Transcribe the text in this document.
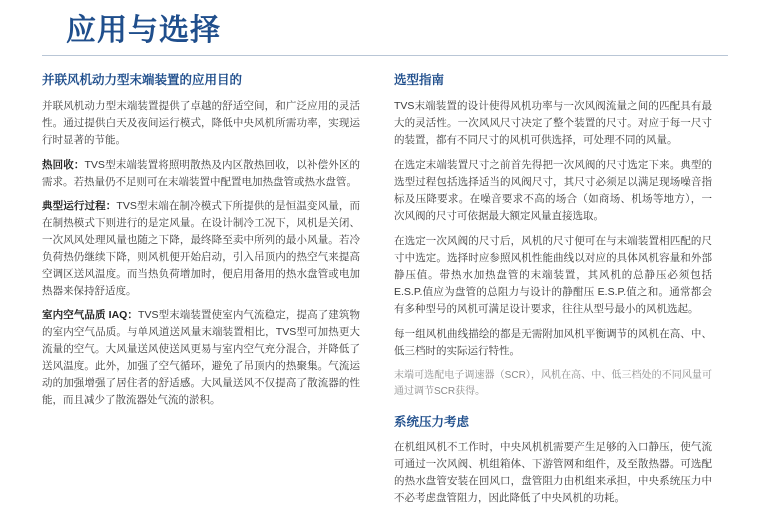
应用与选择
并联风机动力型末端装置的应用目的

并联风机动力型末端装置提供了卓越的舒适空间，和广泛应用的灵活性。通过提供白天及夜间运行模式，降低中央风机所需功率，实现运行时显著的节能。

热回收：TVS型末端装置将照明散热及内区散热回收，以补偿外区的需求。若热量仍不足则可在末端装置中配置电加热盘管或热水盘管。

典型运行过程：TVS型末端在制冷模式下所提供的是恒温变风量，而在制热模式下则进行的是定风量。在设计制冷工况下，风机是关闭、一次风风处理风量也随之下降，最终降至卖中所列的最小风量。若冷负荷热仍继续下降，则风机便开始启动，引入吊顶内的热空气来提高空调区送风温度。而当热负荷增加时，便启用备用的热水盘管或电加热器来保持舒适度。

室内空气品质 IAQ：TVS型末端装置使室内气流稳定，提高了建筑物的室内空气品质。与单风道送风量末端装置相比，TVS型可加热更大流量的空气。大风量送风使送风更易与室内空气充分混合，并降低了送风温度。此外，加强了空气循环，避免了吊顶内的热聚集。气流运动的加强增强了居住者的舒适感。大风量送风不仅提高了散流器的性能，而且减少了散流器处气流的淤积。

选型指南

TVS末端装置的设计使得风机功率与一次风阀流量之间的匹配具有最大的灵活性。一次风风尺寸决定了整个装置的尺寸。对应于每一尺寸的装置，都有不同尺寸的风机可供选择，可处理不同的风量。

在选定末端装置尺寸之前首先得把一次风阀的尺寸选定下来。典型的选型过程包括选择适当的风阀尺寸，其尺寸必须足以满足现场噪音指标及压降要求。在噪音要求不高的场合（如商场、机场等地方），一次风阀的尺寸可依据最大额定风量直接选取。

在选定一次风阀的尺寸后，风机的尺寸便可在与末端装置相匹配的尺寸中选定。选择时应参照风机性能曲线以对应的具体风机容量和外部静压值。带热水加热盘管的末端装置，其风机的总静压必须包括 E.S.P.值应为盘管的总阻力与设计的静酣压 E.S.P.值之和。通常都会有多种型号的风机可满足设计要求，往往从型号最小的风机选起。

每一组风机曲线描绘的都是无需附加风机平衡调节的风机在高、中、低三档时的实际运行特性。

末端可选配电子调速器（SCR），风机在高、中、低三档处的不同风量可通过调节SCR获得。

系统压力考虑

在机组风机不工作时，中央风机机需要产生足够的入口静压，使气流可通过一次风阀、机组箱体、下游管网和组件，及至散热器。可选配的热水盘管安装在回风口，盘管阻力由机组来承担，中央系统压力中不必考虑盘管阻力，因此降低了中央风机的功耗。
